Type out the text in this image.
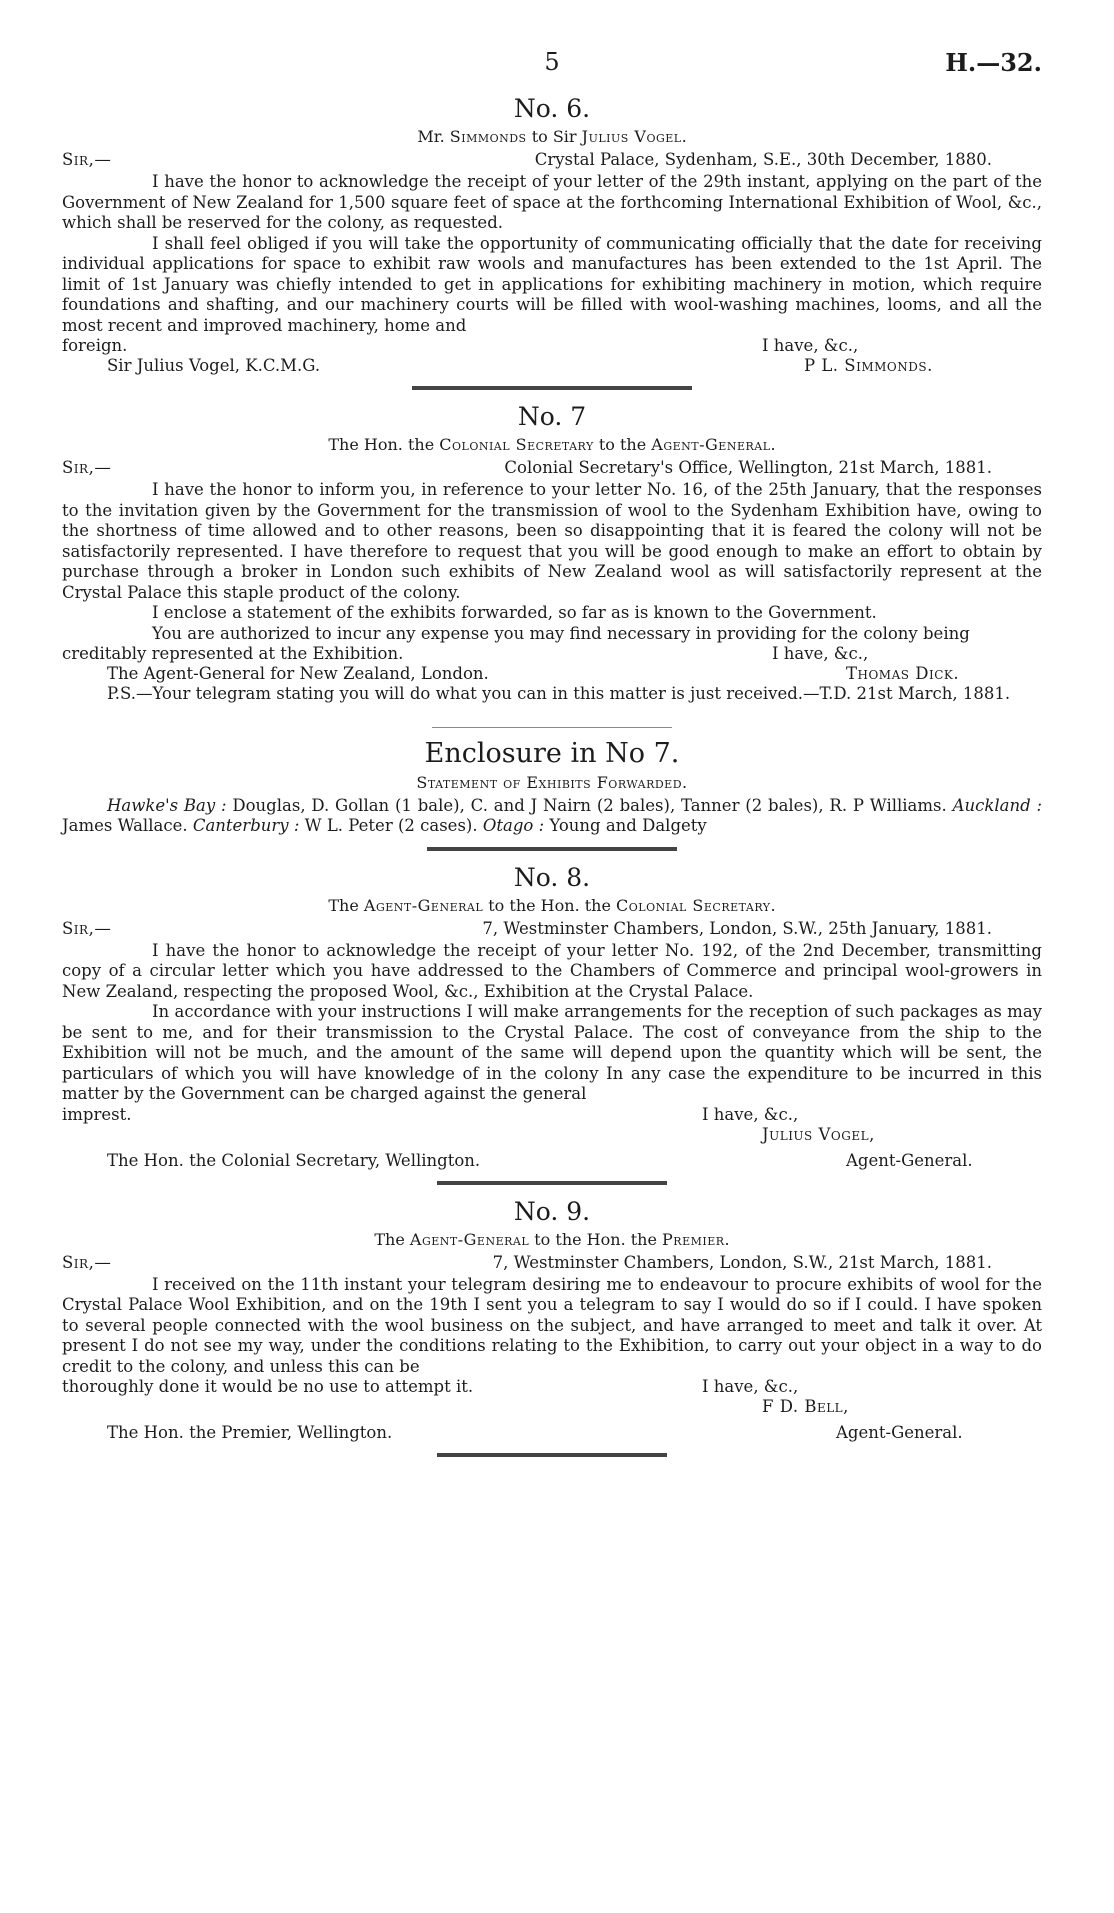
5	H.—32.
No. 6.
Mr. Simmonds to Sir Julius Vogel.
Sir,—	Crystal Palace, Sydenham, S.E., 30th December, 1880.

I have the honor to acknowledge the receipt of your letter of the 29th instant, applying on the part of the Government of New Zealand for 1,500 square feet of space at the forthcoming International Exhibition of Wool, &c., which shall be reserved for the colony, as requested.

I shall feel obliged if you will take the opportunity of communicating officially that the date for receiving individual applications for space to exhibit raw wools and manufactures has been extended to the 1st April. The limit of 1st January was chiefly intended to get in applications for exhibiting machinery in motion, which require foundations and shafting, and our machinery courts will be filled with wool-washing machines, looms, and all the most recent and improved machinery, home and

foreign.	I have, &c.,
Sir Julius Vogel, K.C.M.G.	P L. Simmonds.
No. 7
The Hon. the Colonial Secretary to the Agent-General.
Sir,—	Colonial Secretary's Office, Wellington, 21st March, 1881.

I have the honor to inform you, in reference to your letter No. 16, of the 25th January, that the responses to the invitation given by the Government for the transmission of wool to the Sydenham Exhibition have, owing to the shortness of time allowed and to other reasons, been so disappointing that it is feared the colony will not be satisfactorily represented. I have therefore to request that you will be good enough to make an effort to obtain by purchase through a broker in London such exhibits of New Zealand wool as will satisfactorily represent at the Crystal Palace this staple product of the colony.

I enclose a statement of the exhibits forwarded, so far as is known to the Government.

You are authorized to incur any expense you may find necessary in providing for the colony being

creditably represented at the Exhibition.	I have, &c.,
The Agent-General for New Zealand, London.	Thomas Dick.

P.S.—Your telegram stating you will do what you can in this matter is just received.—T.D. 21st March, 1881.

Enclosure in No 7.
Statement of Exhibits Forwarded.

Hawke's Bay : Douglas, D. Gollan (1 bale), C. and J Nairn (2 bales), Tanner (2 bales), R. P Williams. Auckland : James Wallace. Canterbury : W L. Peter (2 cases). Otago : Young and Dalgety

No. 8.
The Agent-General to the Hon. the Colonial Secretary.
Sir,—	7, Westminster Chambers, London, S.W., 25th January, 1881.

I have the honor to acknowledge the receipt of your letter No. 192, of the 2nd December, transmitting copy of a circular letter which you have addressed to the Chambers of Commerce and principal wool-growers in New Zealand, respecting the proposed Wool, &c., Exhibition at the Crystal Palace.

In accordance with your instructions I will make arrangements for the reception of such packages as may be sent to me, and for their transmission to the Crystal Palace. The cost of conveyance from the ship to the Exhibition will not be much, and the amount of the same will depend upon the quantity which will be sent, the particulars of which you will have knowledge of in the colony In any case the expenditure to be incurred in this matter by the Government can be charged against the general

imprest.	I have, &c.,
Julius Vogel,
The Hon. the Colonial Secretary, Wellington.	Agent-General.
No. 9.
The Agent-General to the Hon. the Premier.
Sir,—	7, Westminster Chambers, London, S.W., 21st March, 1881.

I received on the 11th instant your telegram desiring me to endeavour to procure exhibits of wool for the Crystal Palace Wool Exhibition, and on the 19th I sent you a telegram to say I would do so if I could. I have spoken to several people connected with the wool business on the subject, and have arranged to meet and talk it over. At present I do not see my way, under the conditions relating to the Exhibition, to carry out your object in a way to do credit to the colony, and unless this can be

thoroughly done it would be no use to attempt it.	I have, &c.,
F D. Bell,
The Hon. the Premier, Wellington.	Agent-General.
